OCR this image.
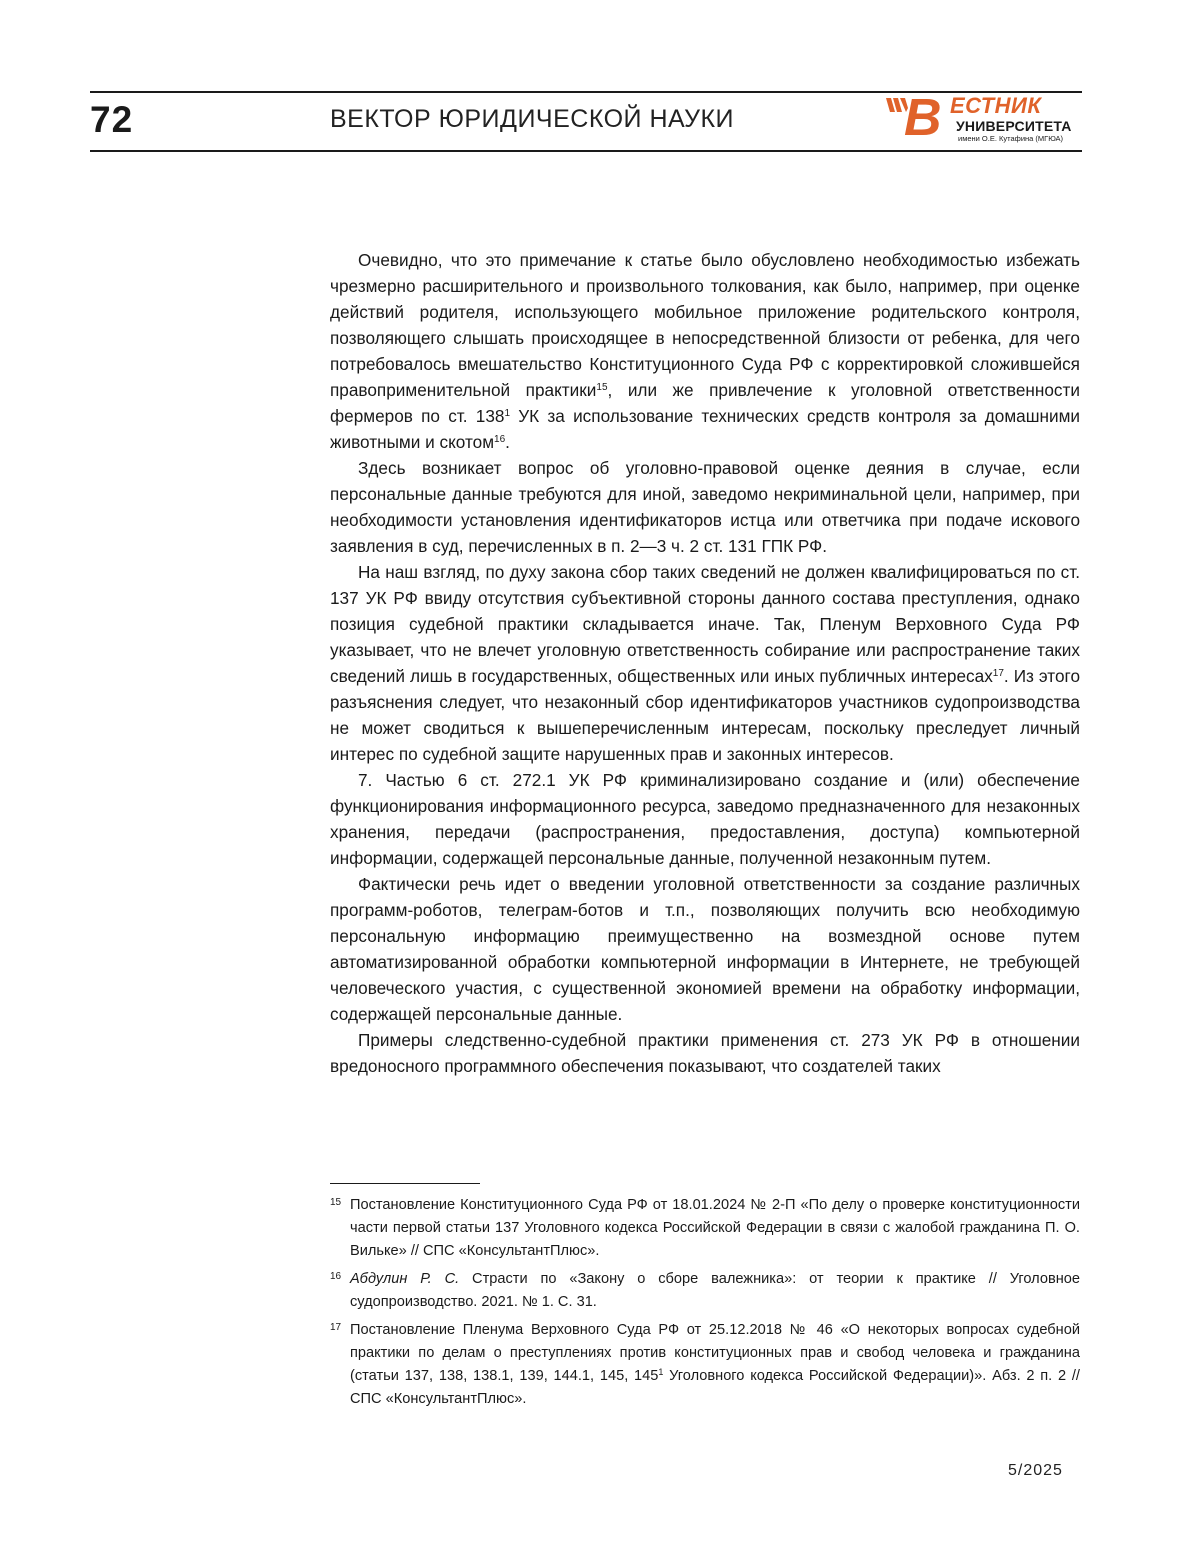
72	ВЕКТОР ЮРИДИЧЕСКОЙ НАУКИ	В ЕСТНИК
УНИВЕРСИТЕТА
имени О.Е. Кутафина (МГЮА)

Очевидно, что это примечание к статье было обусловлено необходимостью избежать чрезмерно расширительного и произвольного толкования, как было, например, при оценке действий родителя, использующего мобильное приложение родительского контроля, позволяющего слышать происходящее в непосредственной близости от ребенка, для чего потребовалось вмешательство Конституционного Суда РФ с корректировкой сложившейся правоприменительной практики$^{15}$, или же привлечение к уголовной ответственности фермеров по ст. $138^1$ УК за использование технических средств контроля за домашними животными и скотом$^{16}$.

Здесь возникает вопрос об уголовно-правовой оценке деяния в случае, если персональные данные требуются для иной, заведомо некриминальной цели, например, при необходимости установления идентификаторов истца или ответчика при подаче искового заявления в суд, перечисленных в п. 2—3 ч. 2 ст. 131 ГПК РФ.

На наш взгляд, по духу закона сбор таких сведений не должен квалифицироваться по ст. 137 УК РФ ввиду отсутствия субъективной стороны данного состава преступления, однако позиция судебной практики складывается иначе. Так, Пленум Верховного Суда РФ указывает, что не влечет уголовную ответственность собирание или распространение таких сведений лишь в государственных, общественных или иных публичных интересах$^{17}$. Из этого разъяснения следует, что незаконный сбор идентификаторов участников судопроизводства не может сводиться к вышеперечисленным интересам, поскольку преследует личный интерес по судебной защите нарушенных прав и законных интересов.

7. Частью 6 ст. 272.1 УК РФ криминализировано создание и (или) обеспечение функционирования информационного ресурса, заведомо предназначенного для незаконных хранения, передачи (распространения, предоставления, доступа) компьютерной информации, содержащей персональные данные, полученной незаконным путем.

Фактически речь идет о введении уголовной ответственности за создание различных программ-роботов, телеграм-ботов и т.п., позволяющих получить всю необходимую персональную информацию преимущественно на возмездной основе путем автоматизированной обработки компьютерной информации в Интернете, не требующей человеческого участия, с существенной экономией времени на обработку информации, содержащей персональные данные.

Примеры следственно-судебной практики применения ст. 273 УК РФ в отношении вредоносного программного обеспечения показывают, что создателей таких

15 Постановление Конституционного Суда РФ от 18.01.2024 № 2-П «По делу о проверке конституционности части первой статьи 137 Уголовного кодекса Российской Федерации в связи с жалобой гражданина П. О. Вильке» // СПС «КонсультантПлюс».

16 Абдулин Р. С. Страсти по «Закону о сборе валежника»: от теории к практике // Уголовное судопроизводство. 2021. № 1. С. 31.

17 Постановление Пленума Верховного Суда РФ от 25.12.2018 № 46 «О некоторых вопросах судебной практики по делам о преступлениях против конституционных прав и свобод человека и гражданина (статьи 137, 138, 138.1, 139, 144.1, 145, $145^1$ Уголовного кодекса Российской Федерации)». Абз. 2 п. 2 // СПС «КонсультантПлюс».

5/2025
